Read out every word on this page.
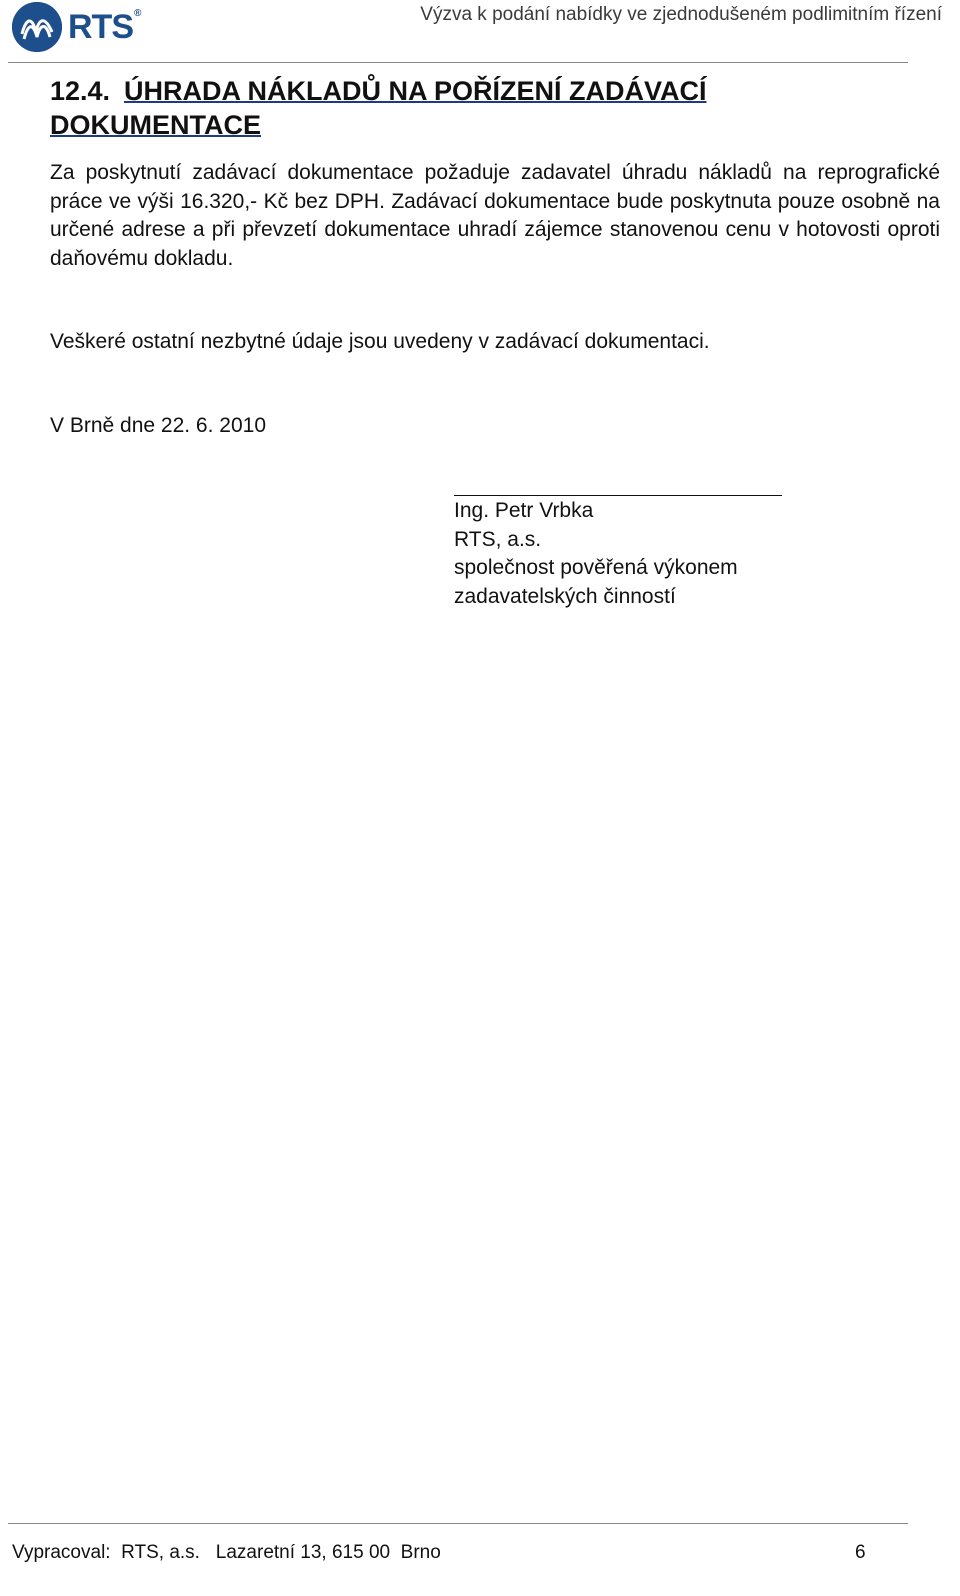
RTS®	Výzva k podání nabídky ve zjednodušeném podlimitním řízení
12.4. ÚHRADA NÁKLADŮ NA POŘÍZENÍ ZADÁVACÍ DOKUMENTACE
Za poskytnutí zadávací dokumentace požaduje zadavatel úhradu nákladů na reprografické práce ve výši 16.320,- Kč bez DPH. Zadávací dokumentace bude poskytnuta pouze osobně na určené adrese a při převzetí dokumentace uhradí zájemce stanovenou cenu v hotovosti oproti daňovému dokladu.
Veškeré ostatní nezbytné údaje jsou uvedeny v zadávací dokumentaci.
V Brně dne 22. 6. 2010
Ing. Petr Vrbka
RTS, a.s.
společnost pověřená výkonem
zadavatelských činností
Vypracoval:  RTS, a.s.   Lazaretní 13, 615 00  Brno	6
